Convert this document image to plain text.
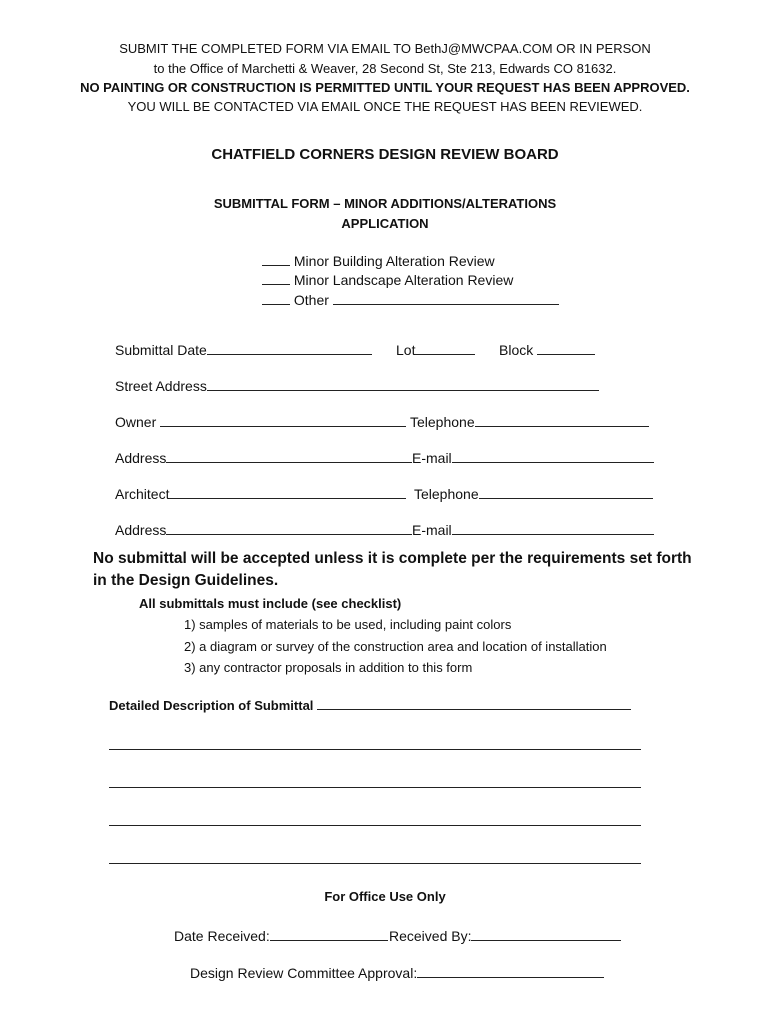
SUBMIT THE COMPLETED FORM VIA EMAIL TO BethJ@MWCPAA.COM OR IN PERSON
to the Office of Marchetti & Weaver, 28 Second St, Ste 213, Edwards CO 81632.
NO PAINTING OR CONSTRUCTION IS PERMITTED UNTIL YOUR REQUEST HAS BEEN APPROVED.
YOU WILL BE CONTACTED VIA EMAIL ONCE THE REQUEST HAS BEEN REVIEWED.
CHATFIELD CORNERS DESIGN REVIEW BOARD
SUBMITTAL FORM – MINOR ADDITIONS/ALTERATIONS
APPLICATION
Minor Building Alteration Review
Minor Landscape Alteration Review
Other
Submittal Date	Lot	Block
Street Address
Owner	Telephone
Address	E-mail
Architect	Telephone
Address	E-mail
No submittal will be accepted unless it is complete per the requirements set forth
in the Design Guidelines.
All submittals must include (see checklist)
1) samples of materials to be used, including paint colors
2) a diagram or survey of the construction area and location of installation
3) any contractor proposals in addition to this form
Detailed Description of Submittal
For Office Use Only
Date Received:	Received By:
Design Review Committee Approval:
